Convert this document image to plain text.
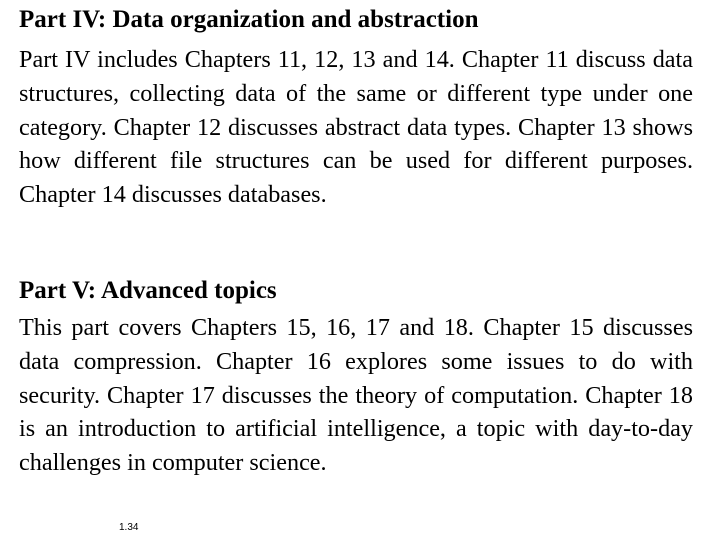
Part IV: Data organization and abstraction

Part IV includes Chapters 11, 12, 13 and 14. Chapter 11 discuss data structures, collecting data of the same or different type under one category. Chapter 12 discusses abstract data types. Chapter 13 shows how different file structures can be used for different purposes. Chapter 14 discusses databases.

Part V: Advanced topics

This part covers Chapters 15, 16, 17 and 18. Chapter 15 discusses data compression. Chapter 16 explores some issues to do with security. Chapter 17 discusses the theory of computation. Chapter 18 is an introduction to artificial intelligence, a topic with day-to-day challenges in computer science.

1.34
